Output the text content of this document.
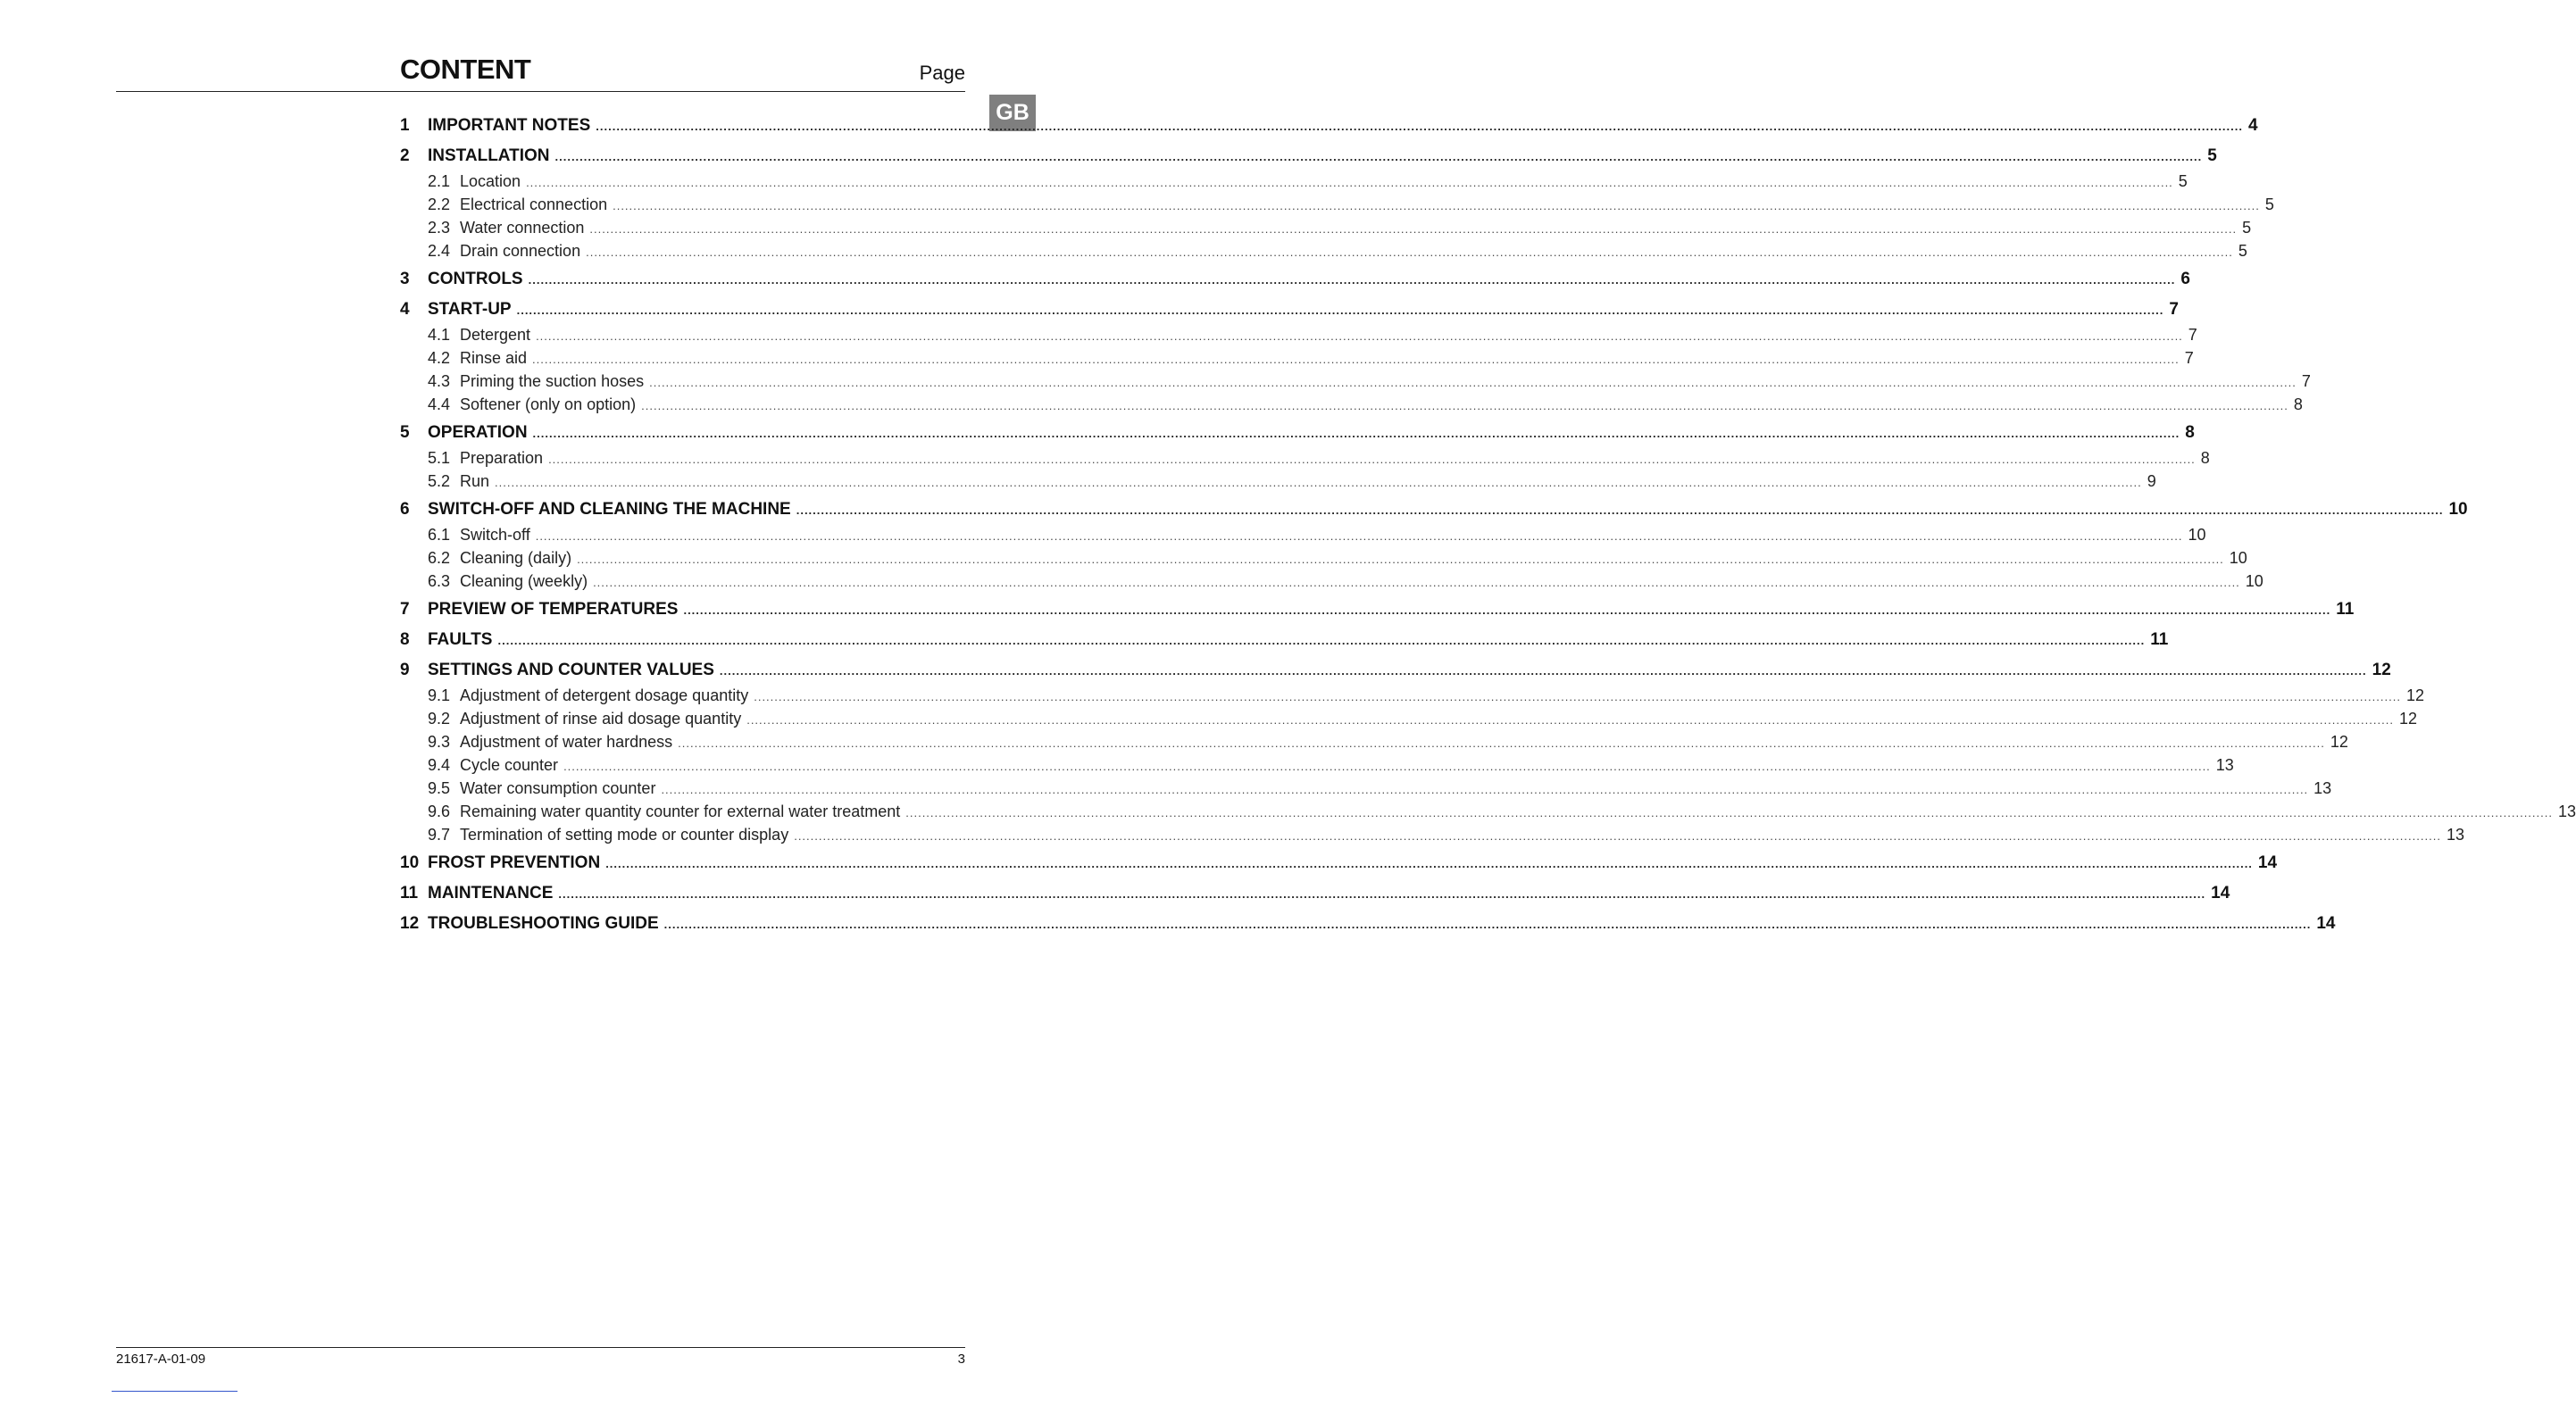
CONTENT	Page
GB
1	IMPORTANT NOTES ................................................................................................................................................................................................................................................................................................................................................................................................................ 4
2	INSTALLATION ................................................................................................................................................................................................................................................................................................................................................................................................................ 5
2.1 Location ................................................................................................................................................................................................................................................................................................................................................................................................................ 5
2.2 Electrical connection ................................................................................................................................................................................................................................................................................................................................................................................................................ 5
2.3 Water connection ................................................................................................................................................................................................................................................................................................................................................................................................................ 5
2.4 Drain connection ................................................................................................................................................................................................................................................................................................................................................................................................................ 5
3	CONTROLS ................................................................................................................................................................................................................................................................................................................................................................................................................ 6
4	START-UP ................................................................................................................................................................................................................................................................................................................................................................................................................ 7
4.1 Detergent ................................................................................................................................................................................................................................................................................................................................................................................................................ 7
4.2 Rinse aid ................................................................................................................................................................................................................................................................................................................................................................................................................ 7
4.3 Priming the suction hoses ................................................................................................................................................................................................................................................................................................................................................................................................................ 7
4.4 Softener (only on option) ................................................................................................................................................................................................................................................................................................................................................................................................................ 8
5	OPERATION ................................................................................................................................................................................................................................................................................................................................................................................................................ 8
5.1 Preparation ................................................................................................................................................................................................................................................................................................................................................................................................................ 8
5.2 Run ................................................................................................................................................................................................................................................................................................................................................................................................................ 9
6	SWITCH-OFF AND CLEANING THE MACHINE ................................................................................................................................................................................................................................................................................................................................................................................................................ 10
6.1 Switch-off ................................................................................................................................................................................................................................................................................................................................................................................................................ 10
6.2 Cleaning (daily) ................................................................................................................................................................................................................................................................................................................................................................................................................ 10
6.3 Cleaning (weekly) ................................................................................................................................................................................................................................................................................................................................................................................................................ 10
7	PREVIEW OF TEMPERATURES ................................................................................................................................................................................................................................................................................................................................................................................................................ 11
8	FAULTS ................................................................................................................................................................................................................................................................................................................................................................................................................ 11
9	SETTINGS AND COUNTER VALUES ................................................................................................................................................................................................................................................................................................................................................................................................................ 12
9.1 Adjustment of detergent dosage quantity ................................................................................................................................................................................................................................................................................................................................................................................................................ 12
9.2 Adjustment of rinse aid dosage quantity ................................................................................................................................................................................................................................................................................................................................................................................................................ 12
9.3 Adjustment of water hardness ................................................................................................................................................................................................................................................................................................................................................................................................................ 12
9.4 Cycle counter ................................................................................................................................................................................................................................................................................................................................................................................................................ 13
9.5 Water consumption counter ................................................................................................................................................................................................................................................................................................................................................................................................................ 13
9.6 Remaining water quantity counter for external water treatment ................................................................................................................................................................................................................................................................................................................................................................................................................ 13
9.7 Termination of setting mode or counter display ................................................................................................................................................................................................................................................................................................................................................................................................................ 13
10 FROST PREVENTION ................................................................................................................................................................................................................................................................................................................................................................................................................ 14
11 MAINTENANCE ................................................................................................................................................................................................................................................................................................................................................................................................................ 14
12 TROUBLESHOOTING GUIDE ................................................................................................................................................................................................................................................................................................................................................................................................................ 14
21617-A-01-09	3
